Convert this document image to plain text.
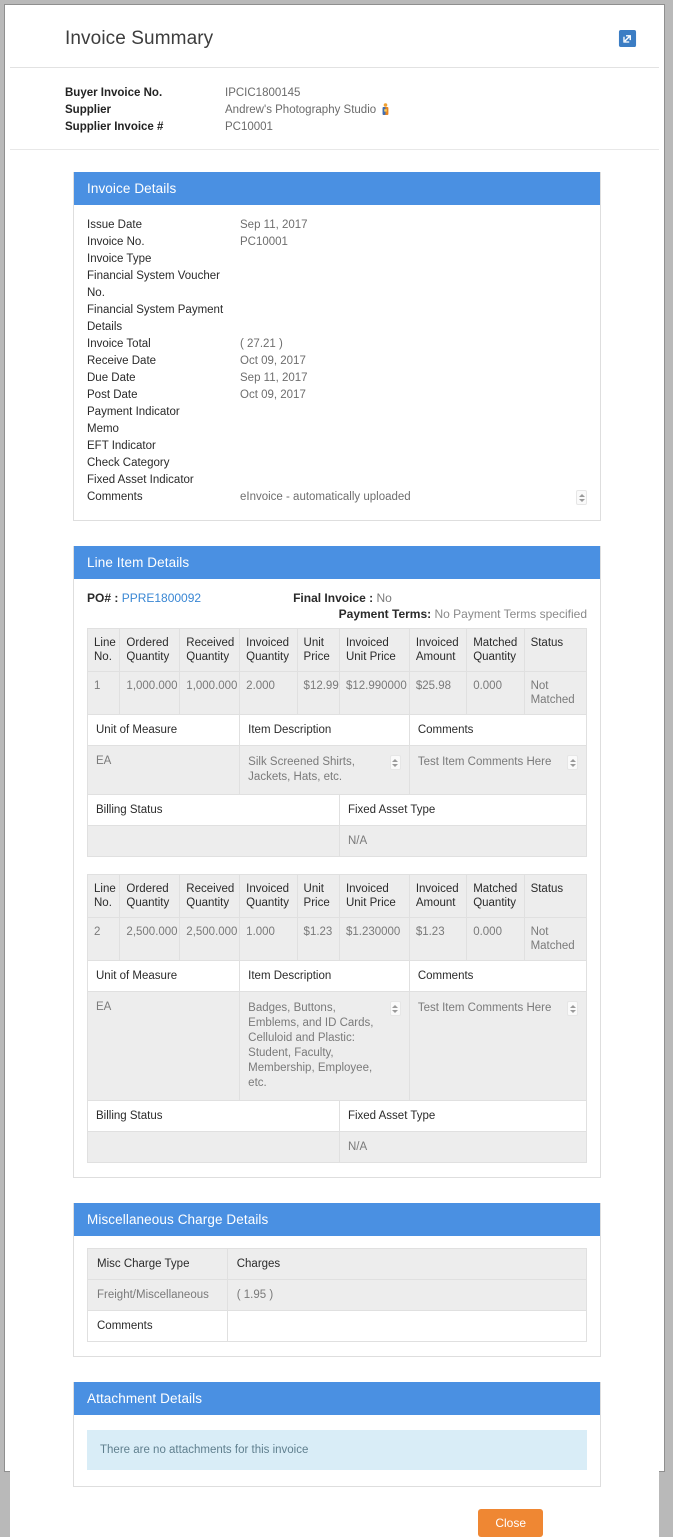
Invoice Summary
Buyer Invoice No.	IPCIC1800145
Supplier	Andrew's Photography Studio
Supplier Invoice #	PC10001
Invoice Details
Issue Date	Sep 11, 2017
Invoice No.	PC10001
Invoice Type
Financial System Voucher No.
Financial System Payment Details
Invoice Total	( 27.21 )
Receive Date	Oct 09, 2017
Due Date	Sep 11, 2017
Post Date	Oct 09, 2017
Payment Indicator
Memo
EFT Indicator
Check Category
Fixed Asset Indicator
Comments	eInvoice - automatically uploaded
Line Item Details
PO# : PPRE1800092	Final Invoice : No
Payment Terms: No Payment Terms specified
Line No.	Ordered Quantity	Received Quantity	Invoiced Quantity	Unit Price	Invoiced Unit Price	Invoiced Amount	Matched Quantity	Status
1	1,000.000	1,000.000	2.000	$12.99	$12.990000	$25.98	0.000	Not Matched
Unit of Measure			Item Description			Comments		
EA			Silk Screened Shirts, Jackets, Hats, etc.			Test Item Comments Here		

Billing Status					Fixed Asset Type			
					N/A			
Line No.	Ordered Quantity	Received Quantity	Invoiced Quantity	Unit Price	Invoiced Unit Price	Invoiced Amount	Matched Quantity	Status
2	2,500.000	2,500.000	1.000	$1.23	$1.230000	$1.23	0.000	Not Matched
Unit of Measure			Item Description			Comments		
EA			Badges, Buttons, Emblems, and ID Cards, Celluloid and Plastic: Student, Faculty, Membership, Employee, etc.			Test Item Comments Here		

Billing Status					Fixed Asset Type			
					N/A			
Miscellaneous Charge Details
Misc Charge Type	Charges
Freight/Miscellaneous	( 1.95 )
Comments	
Attachment Details
There are no attachments for this invoice
Close
